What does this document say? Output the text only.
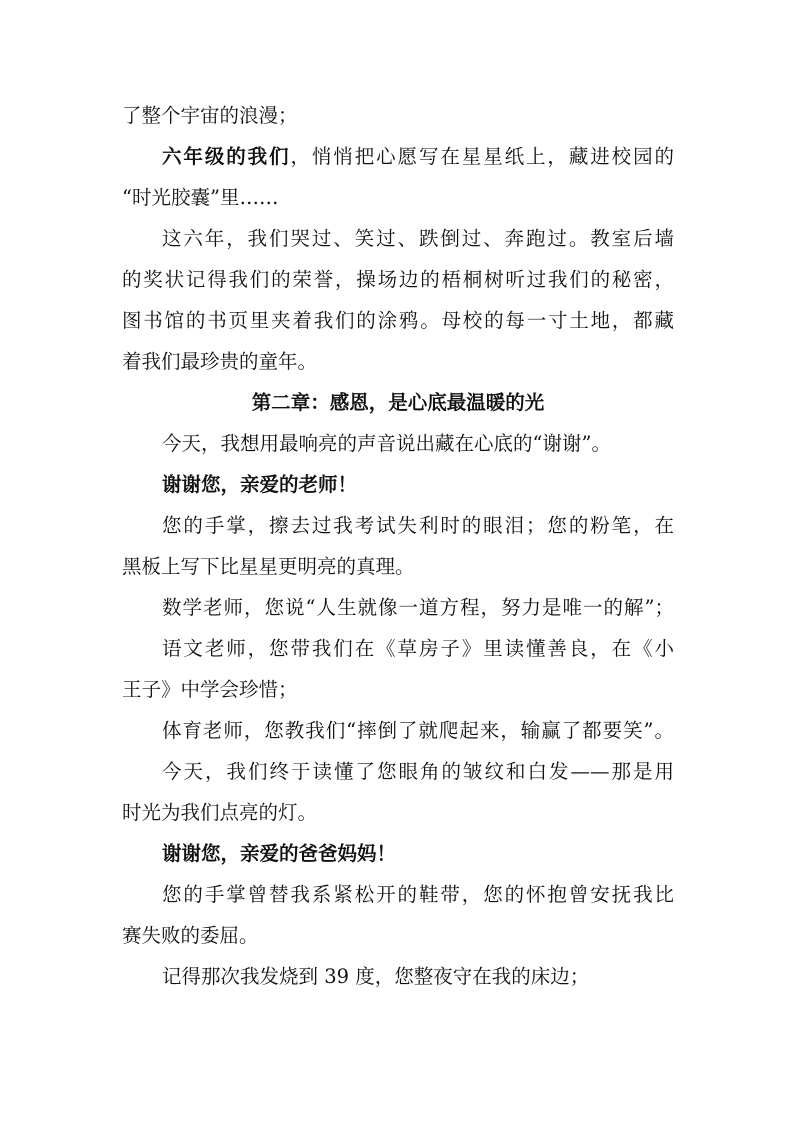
了整个宇宙的浪漫；
六年级的我们，悄悄把心愿写在星星纸上，藏进校园的
“时光胶囊”里……
这六年，我们哭过、笑过、跌倒过、奔跑过。教室后墙
的奖状记得我们的荣誉，操场边的梧桐树听过我们的秘密，
图书馆的书页里夹着我们的涂鸦。母校的每一寸土地，都藏
着我们最珍贵的童年。
第二章：感恩，是心底最温暖的光
今天，我想用最响亮的声音说出藏在心底的“谢谢”。
谢谢您，亲爱的老师！
您的手掌，擦去过我考试失利时的眼泪；您的粉笔，在
黑板上写下比星星更明亮的真理。
数学老师，您说“人生就像一道方程，努力是唯一的解”；
语文老师，您带我们在《草房子》里读懂善良，在《小
王子》中学会珍惜；
体育老师，您教我们“摔倒了就爬起来，输赢了都要笑”。
今天，我们终于读懂了您眼角的皱纹和白发——那是用
时光为我们点亮的灯。
谢谢您，亲爱的爸爸妈妈！
您的手掌曾替我系紧松开的鞋带，您的怀抱曾安抚我比
赛失败的委屈。
记得那次我发烧到 39 度，您整夜守在我的床边；
